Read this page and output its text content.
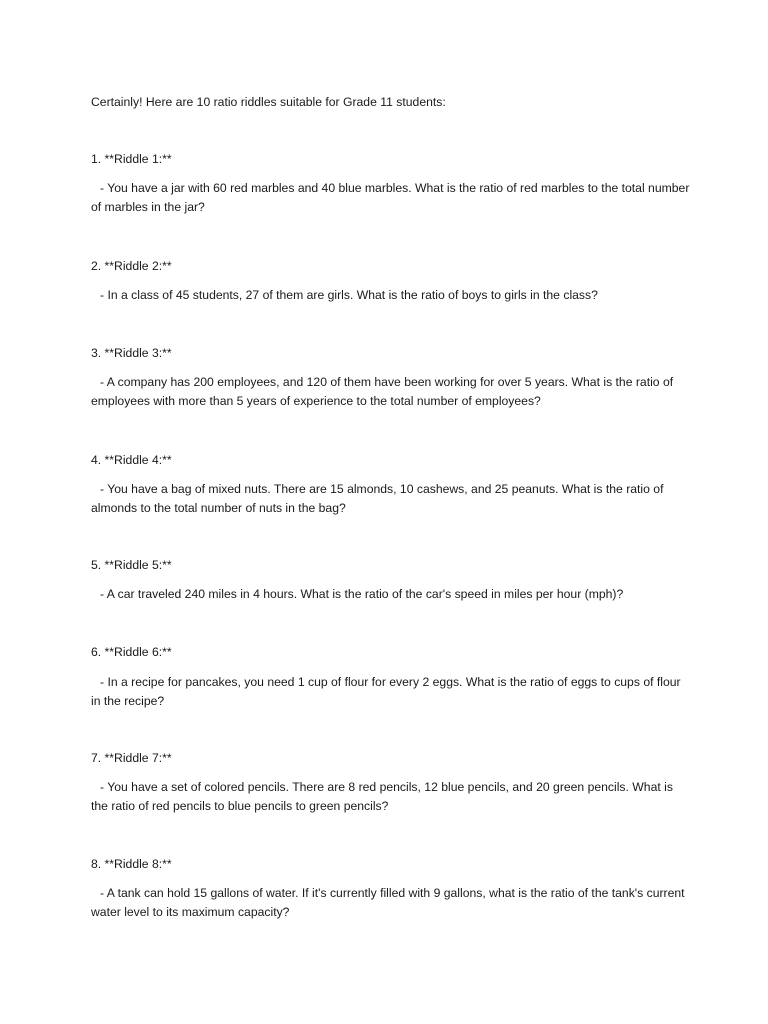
Certainly! Here are 10 ratio riddles suitable for Grade 11 students:

1. **Riddle 1:**

- You have a jar with 60 red marbles and 40 blue marbles. What is the ratio of red marbles to the total number of marbles in the jar?

2. **Riddle 2:**

- In a class of 45 students, 27 of them are girls. What is the ratio of boys to girls in the class?

3. **Riddle 3:**

- A company has 200 employees, and 120 of them have been working for over 5 years. What is the ratio of employees with more than 5 years of experience to the total number of employees?

4. **Riddle 4:**

- You have a bag of mixed nuts. There are 15 almonds, 10 cashews, and 25 peanuts. What is the ratio of almonds to the total number of nuts in the bag?

5. **Riddle 5:**

- A car traveled 240 miles in 4 hours. What is the ratio of the car's speed in miles per hour (mph)?

6. **Riddle 6:**

- In a recipe for pancakes, you need 1 cup of flour for every 2 eggs. What is the ratio of eggs to cups of flour in the recipe?

7. **Riddle 7:**

- You have a set of colored pencils. There are 8 red pencils, 12 blue pencils, and 20 green pencils. What is the ratio of red pencils to blue pencils to green pencils?

8. **Riddle 8:**

- A tank can hold 15 gallons of water. If it's currently filled with 9 gallons, what is the ratio of the tank's current water level to its maximum capacity?
